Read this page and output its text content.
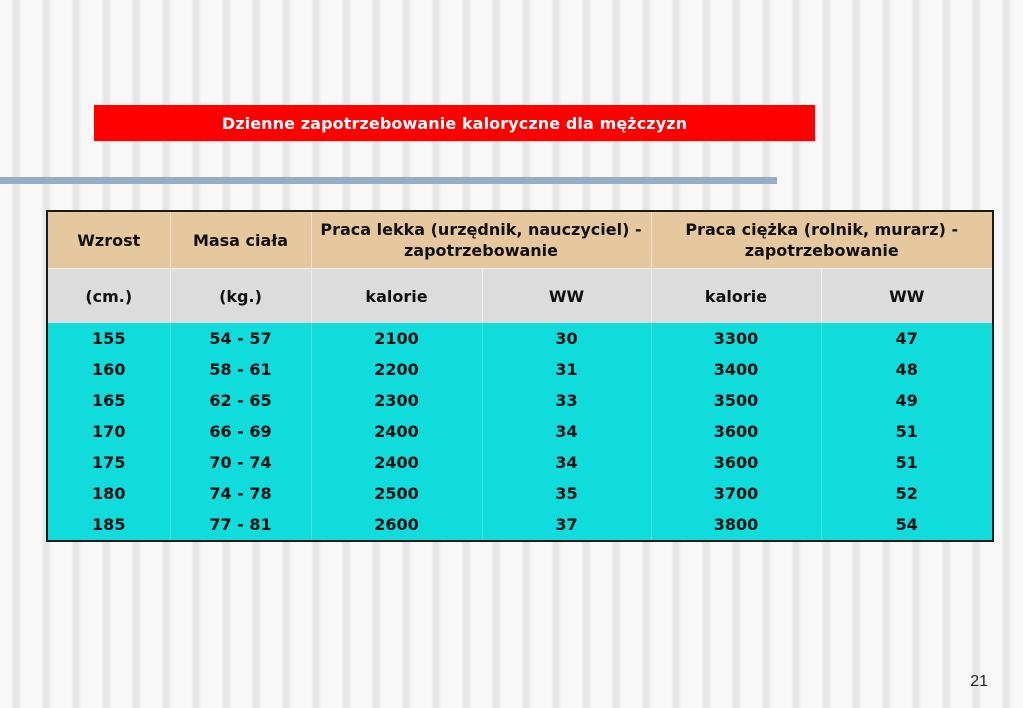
Dzienne zapotrzebowanie kaloryczne dla mężczyzn
Wzrost	Masa ciała	Praca lekka (urzędnik, nauczyciel) - zapotrzebowanie		Praca ciężka (rolnik, murarz) - zapotrzebowanie	
(cm.)	(kg.)	kalorie	WW	kalorie	WW
155	54 - 57	2100	30	3300	47
160	58 - 61	2200	31	3400	48
165	62 - 65	2300	33	3500	49
170	66 - 69	2400	34	3600	51
175	70 - 74	2400	34	3600	51
180	74 - 78	2500	35	3700	52
185	77 - 81	2600	37	3800	54
21
